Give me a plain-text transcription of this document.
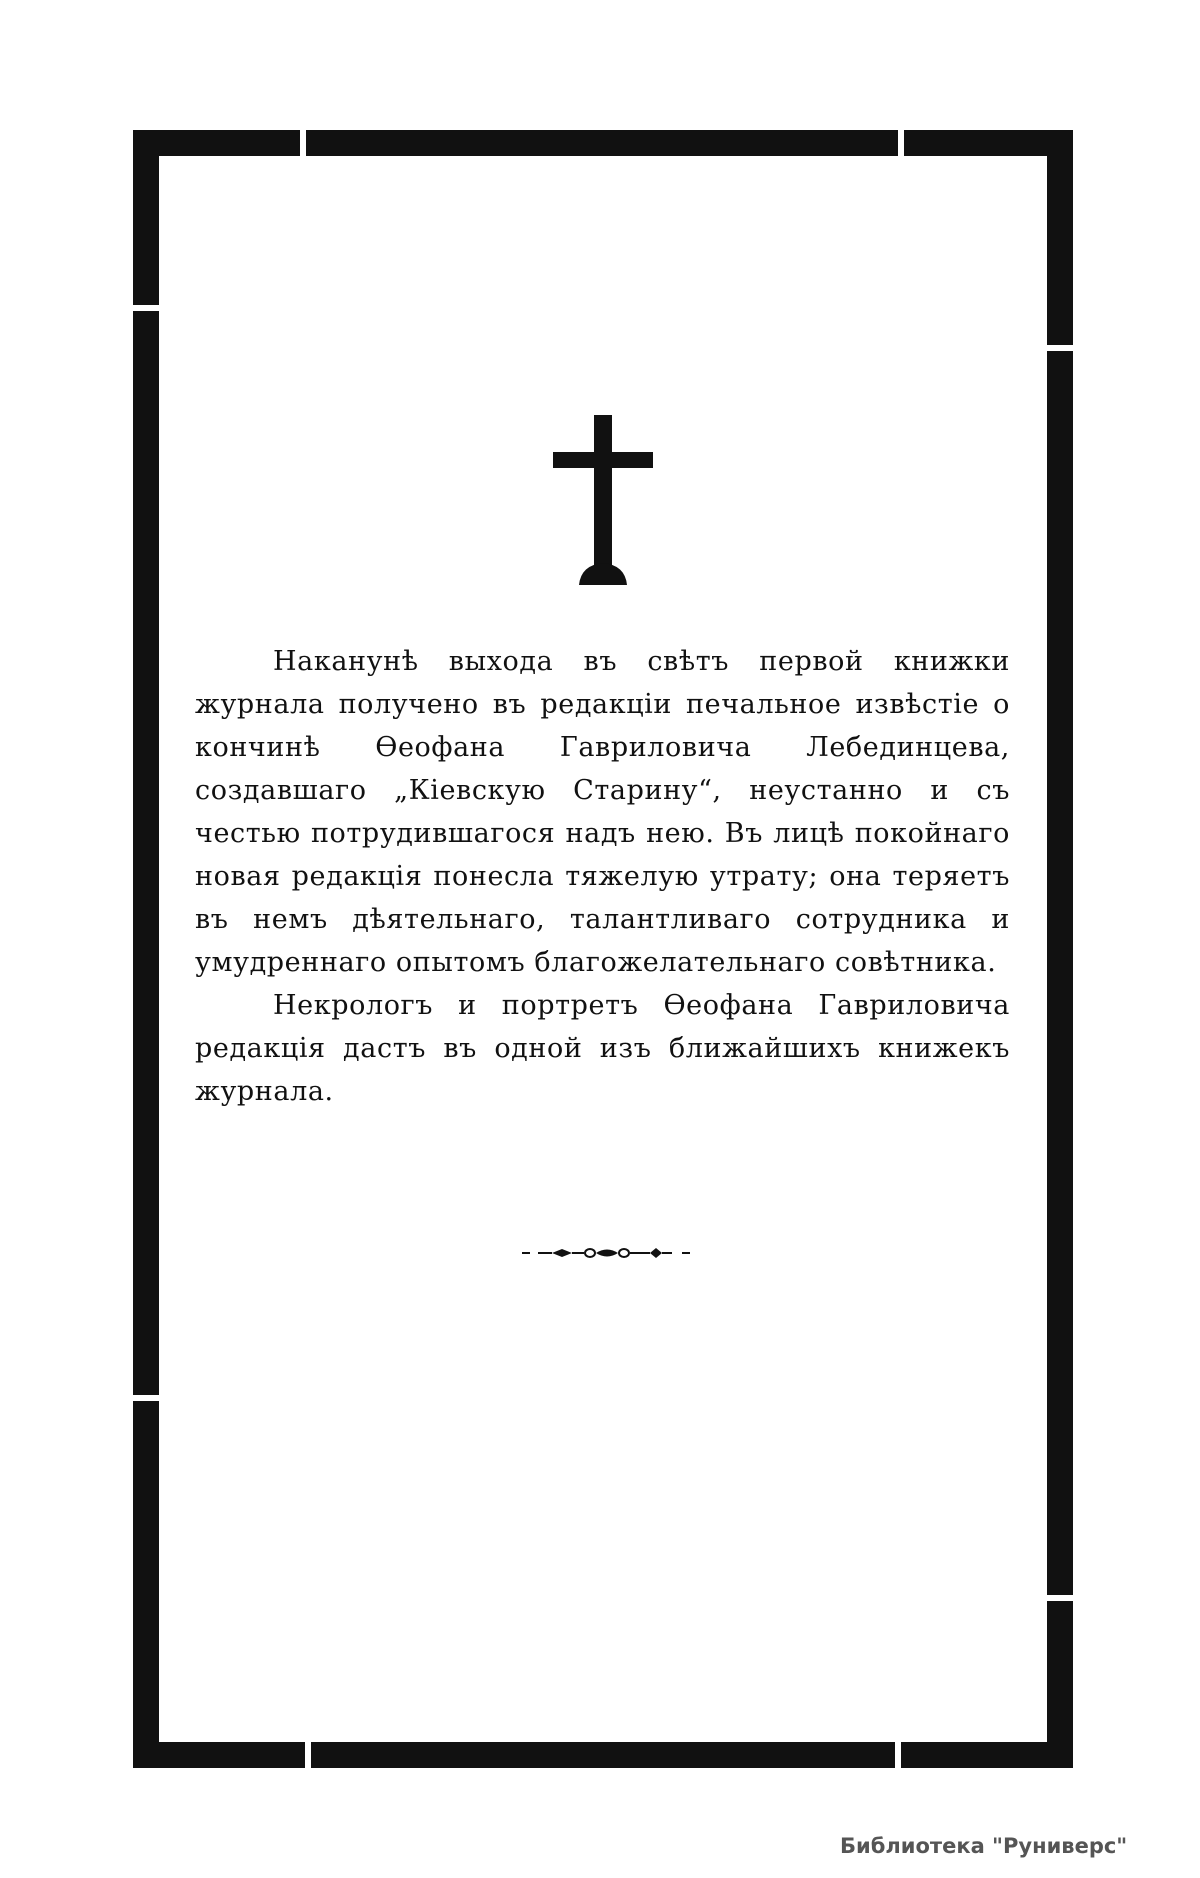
Наканунѣ выхода въ свѣтъ первой книжки журнала получено въ редакціи печальное извѣстіе о кончинѣ Ѳеофана Гавриловича Лебединцева, создавшаго „Кіевскую Старину“, неустанно и съ честью потрудившагося надъ нею. Въ лицѣ покойнаго новая редакція понесла тяжелую утрату; она теряетъ въ немъ дѣятельнаго, талантливаго сотрудника и умудреннаго опытомъ благожелательнаго совѣтника.

Некрологъ и портретъ Ѳеофана Гавриловича редакція дастъ въ одной изъ ближайшихъ книжекъ журнала.

Библиотека "Руниверс"
